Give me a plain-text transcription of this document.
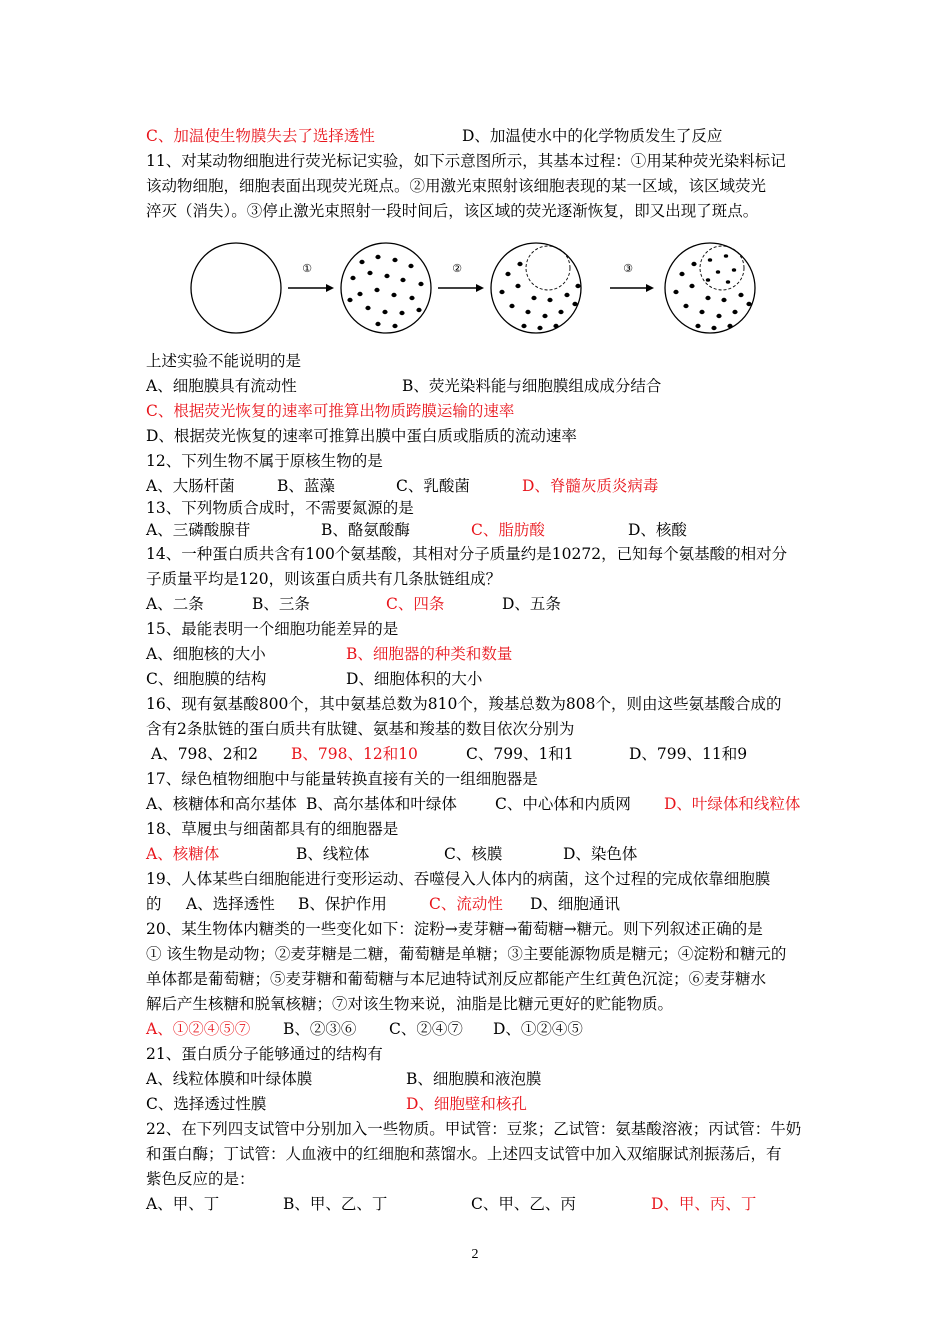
C、加温使生物膜失去了选择透性	D、加温使水中的化学物质发生了反应
11、对某动物细胞进行荧光标记实验，如下示意图所示，其基本过程：①用某种荧光染料标记
该动物细胞，细胞表面出现荧光斑点。②用激光束照射该细胞表现的某一区域，该区域荧光
淬灭（消失）。③停止激光束照射一段时间后，该区域的荧光逐渐恢复，即又出现了斑点。
①	②	③
上述实验不能说明的是
A、细胞膜具有流动性	B、荧光染料能与细胞膜组成成分结合
C、根据荧光恢复的速率可推算出物质跨膜运输的速率
D、根据荧光恢复的速率可推算出膜中蛋白质或脂质的流动速率
12、下列生物不属于原核生物的是
A、大肠杆菌	B、蓝藻	C、乳酸菌	D、脊髓灰质炎病毒
13、下列物质合成时，不需要氮源的是
A、三磷酸腺苷	B、酪氨酸酶	C、脂肪酸	D、核酸
14、一种蛋白质共含有100个氨基酸，其相对分子质量约是10272，已知每个氨基酸的相对分
子质量平均是120，则该蛋白质共有几条肽链组成？
A、二条	B、三条	C、四条	D、五条
15、最能表明一个细胞功能差异的是
A、细胞核的大小	B、细胞器的种类和数量
C、细胞膜的结构	D、细胞体积的大小
16、现有氨基酸800个，其中氨基总数为810个，羧基总数为808个，则由这些氨基酸合成的
含有2条肽链的蛋白质共有肽键、氨基和羧基的数目依次分别为
A、798、2和2 B、798、12和10	C、799、1和1	D、799、11和9
17、绿色植物细胞中与能量转换直接有关的一组细胞器是
A、核糖体和高尔基体 B、高尔基体和叶绿体 C、中心体和内质网 D、叶绿体和线粒体
18、草履虫与细菌都具有的细胞器是
A、核糖体	B、线粒体	C、核膜	D、染色体
19、人体某些白细胞能进行变形运动、吞噬侵入人体内的病菌，这个过程的完成依靠细胞膜
的 A、选择透性 B、保护作用	C、流动性 D、细胞通讯
20、某生物体内糖类的一些变化如下：淀粉→麦芽糖→葡萄糖→糖元。则下列叙述正确的是
① 该生物是动物；②麦芽糖是二糖，葡萄糖是单糖；③主要能源物质是糖元；④淀粉和糖元的
单体都是葡萄糖；⑤麦芽糖和葡萄糖与本尼迪特试剂反应都能产生红黄色沉淀；⑥麦芽糖水
解后产生核糖和脱氧核糖；⑦对该生物来说，油脂是比糖元更好的贮能物质。
A、①②④⑤⑦ B、②③⑥ C、②④⑦ D、①②④⑤
21、蛋白质分子能够通过的结构有
A、线粒体膜和叶绿体膜	B、细胞膜和液泡膜
C、选择透过性膜	D、细胞壁和核孔
22、在下列四支试管中分别加入一些物质。甲试管：豆浆；乙试管：氨基酸溶液；丙试管：牛奶
和蛋白酶；丁试管：人血液中的红细胞和蒸馏水。上述四支试管中加入双缩脲试剂振荡后，有
紫色反应的是：
A、甲、丁	B、甲、乙、丁	C、甲、乙、丙	D、甲、丙、丁
2
